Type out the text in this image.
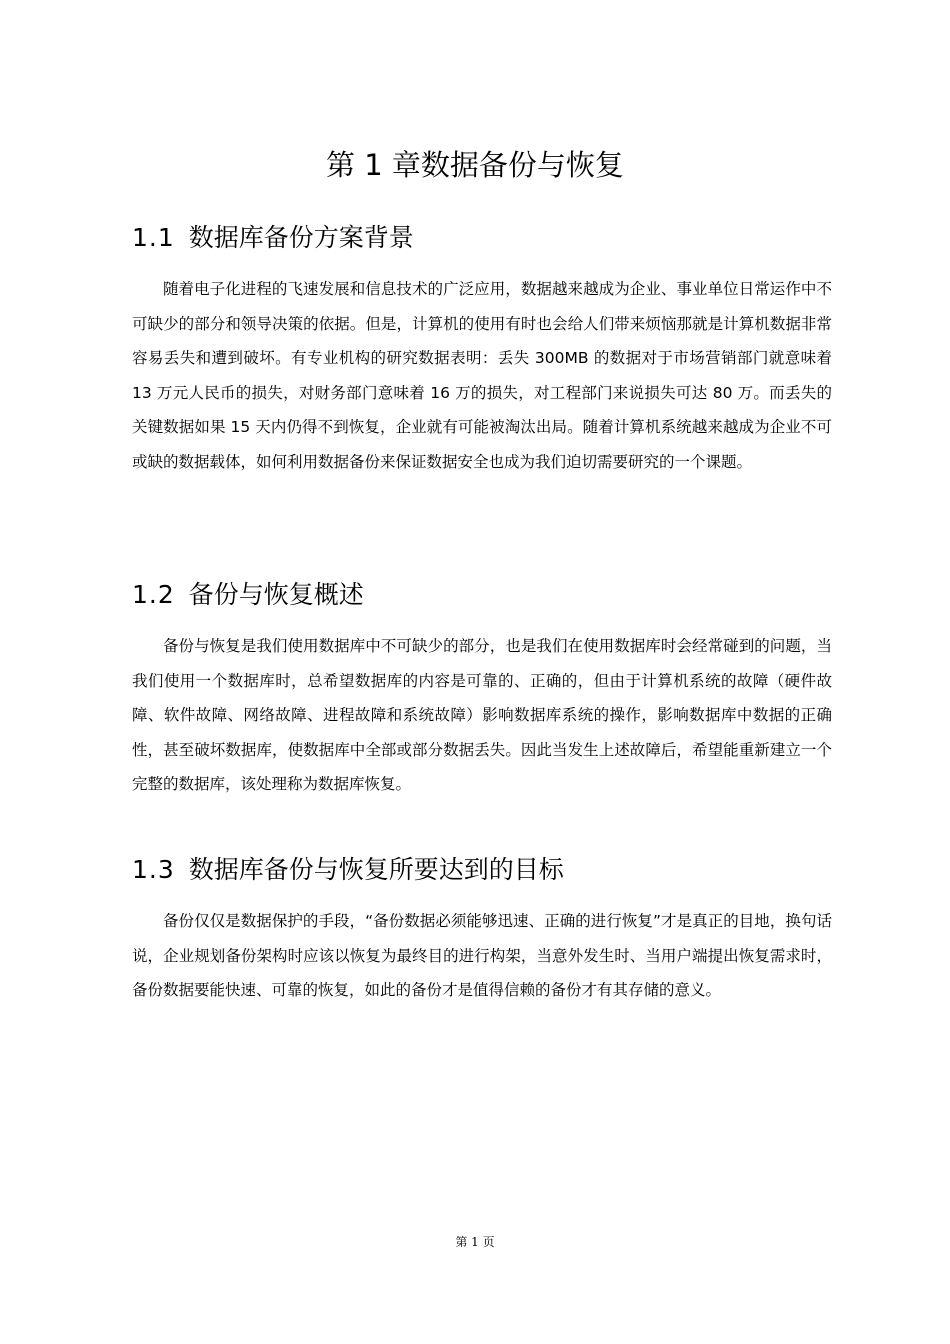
第 1 章数据备份与恢复
1.1 数据库备份方案背景

随着电子化进程的飞速发展和信息技术的广泛应用，数据越来越成为企业、事业单位日常运作中不可缺少的部分和领导决策的依据。但是，计算机的使用有时也会给人们带来烦恼那就是计算机数据非常容易丢失和遭到破坏。有专业机构的研究数据表明：丢失 300MB 的数据对于市场营销部门就意味着 13 万元人民币的损失，对财务部门意味着 16 万的损失，对工程部门来说损失可达 80 万。而丢失的关键数据如果 15 天内仍得不到恢复，企业就有可能被淘汰出局。随着计算机系统越来越成为企业不可或缺的数据载体，如何利用数据备份来保证数据安全也成为我们迫切需要研究的一个课题。

1.2 备份与恢复概述

备份与恢复是我们使用数据库中不可缺少的部分，也是我们在使用数据库时会经常碰到的问题，当我们使用一个数据库时，总希望数据库的内容是可靠的、正确的，但由于计算机系统的故障（硬件故障、软件故障、网络故障、进程故障和系统故障）影响数据库系统的操作，影响数据库中数据的正确性，甚至破坏数据库，使数据库中全部或部分数据丢失。因此当发生上述故障后，希望能重新建立一个完整的数据库，该处理称为数据库恢复。

1.3 数据库备份与恢复所要达到的目标

备份仅仅是数据保护的手段，“备份数据必须能够迅速、正确的进行恢复”才是真正的目地，换句话说，企业规划备份架构时应该以恢复为最终目的进行构架，当意外发生时、当用户端提出恢复需求时，备份数据要能快速、可靠的恢复，如此的备份才是值得信赖的备份才有其存储的意义。

第 1 页
